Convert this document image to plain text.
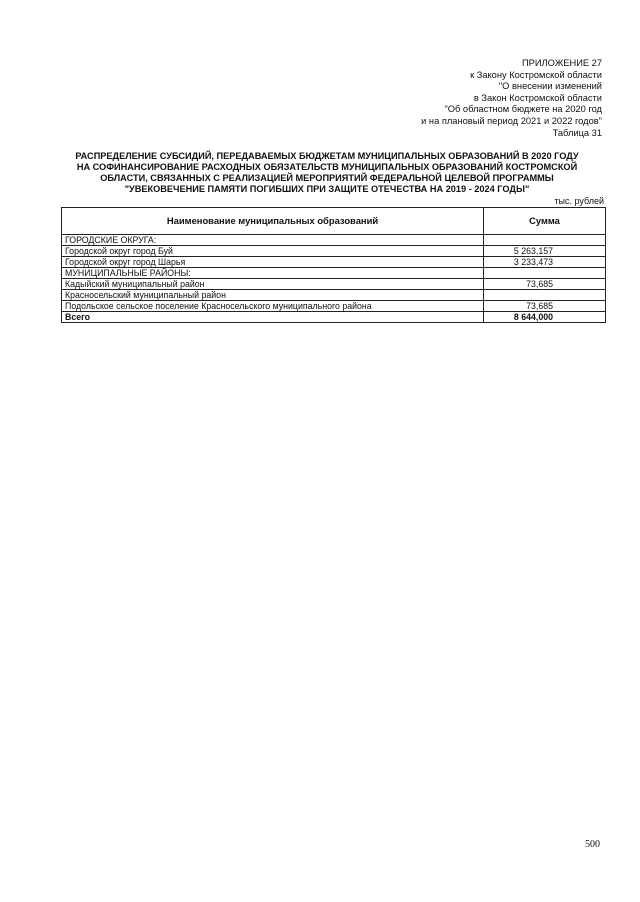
ПРИЛОЖЕНИЕ 27
к Закону Костромской области
"О внесении изменений
в Закон Костромской области
"Об областном бюджете на 2020 год
и на плановый период 2021 и 2022 годов"
Таблица 31
РАСПРЕДЕЛЕНИЕ СУБСИДИЙ, ПЕРЕДАВАЕМЫХ БЮДЖЕТАМ МУНИЦИПАЛЬНЫХ ОБРАЗОВАНИЙ В 2020 ГОДУ
НА СОФИНАНСИРОВАНИЕ РАСХОДНЫХ ОБЯЗАТЕЛЬСТВ МУНИЦИПАЛЬНЫХ ОБРАЗОВАНИЙ КОСТРОМСКОЙ
ОБЛАСТИ, СВЯЗАННЫХ С РЕАЛИЗАЦИЕЙ МЕРОПРИЯТИЙ ФЕДЕРАЛЬНОЙ ЦЕЛЕВОЙ ПРОГРАММЫ
"УВЕКОВЕЧЕНИЕ ПАМЯТИ ПОГИБШИХ ПРИ ЗАЩИТЕ ОТЕЧЕСТВА НА 2019 - 2024 ГОДЫ"
тыс. рублей
Наименование муниципальных образований	Сумма
ГОРОДСКИЕ ОКРУГА:	
Городской округ город Буй	5 263,157
Городской округ город Шарья	3 233,473
МУНИЦИПАЛЬНЫЕ РАЙОНЫ:	
Кадыйский муниципальный район	73,685
Красносельский муниципальный район	
Подольское сельское поселение Красносельского муниципального района	73,685
Всего	8 644,000
500
